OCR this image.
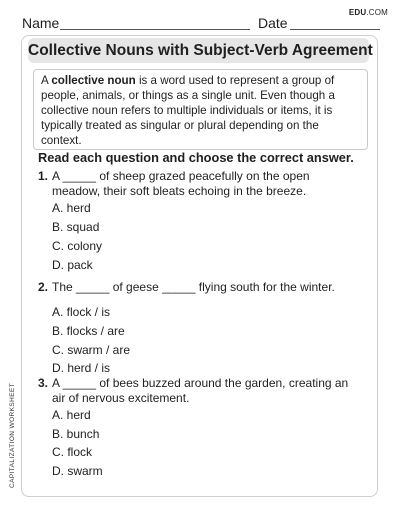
Name	Date
EDU.COM
Collective Nouns with Subject-Verb Agreement
A collective noun is a word used to represent a group of people, animals, or things as a single unit. Even though a collective noun refers to multiple individuals or items, it is typically treated as singular or plural depending on the context.
Read each question and choose the correct answer.
1. A _____ of sheep grazed peacefully on the open meadow, their soft bleats echoing in the breeze.
A. herd
B. squad
C. colony
D. pack
2. The _____ of geese _____ flying south for the winter.
A. flock / is
B. flocks / are
C. swarm / are
D. herd / is
3. A _____ of bees buzzed around the garden, creating an air of nervous excitement.
A. herd
B. bunch
C. flock
D. swarm
CAPITALIZATION WORKSHEET
